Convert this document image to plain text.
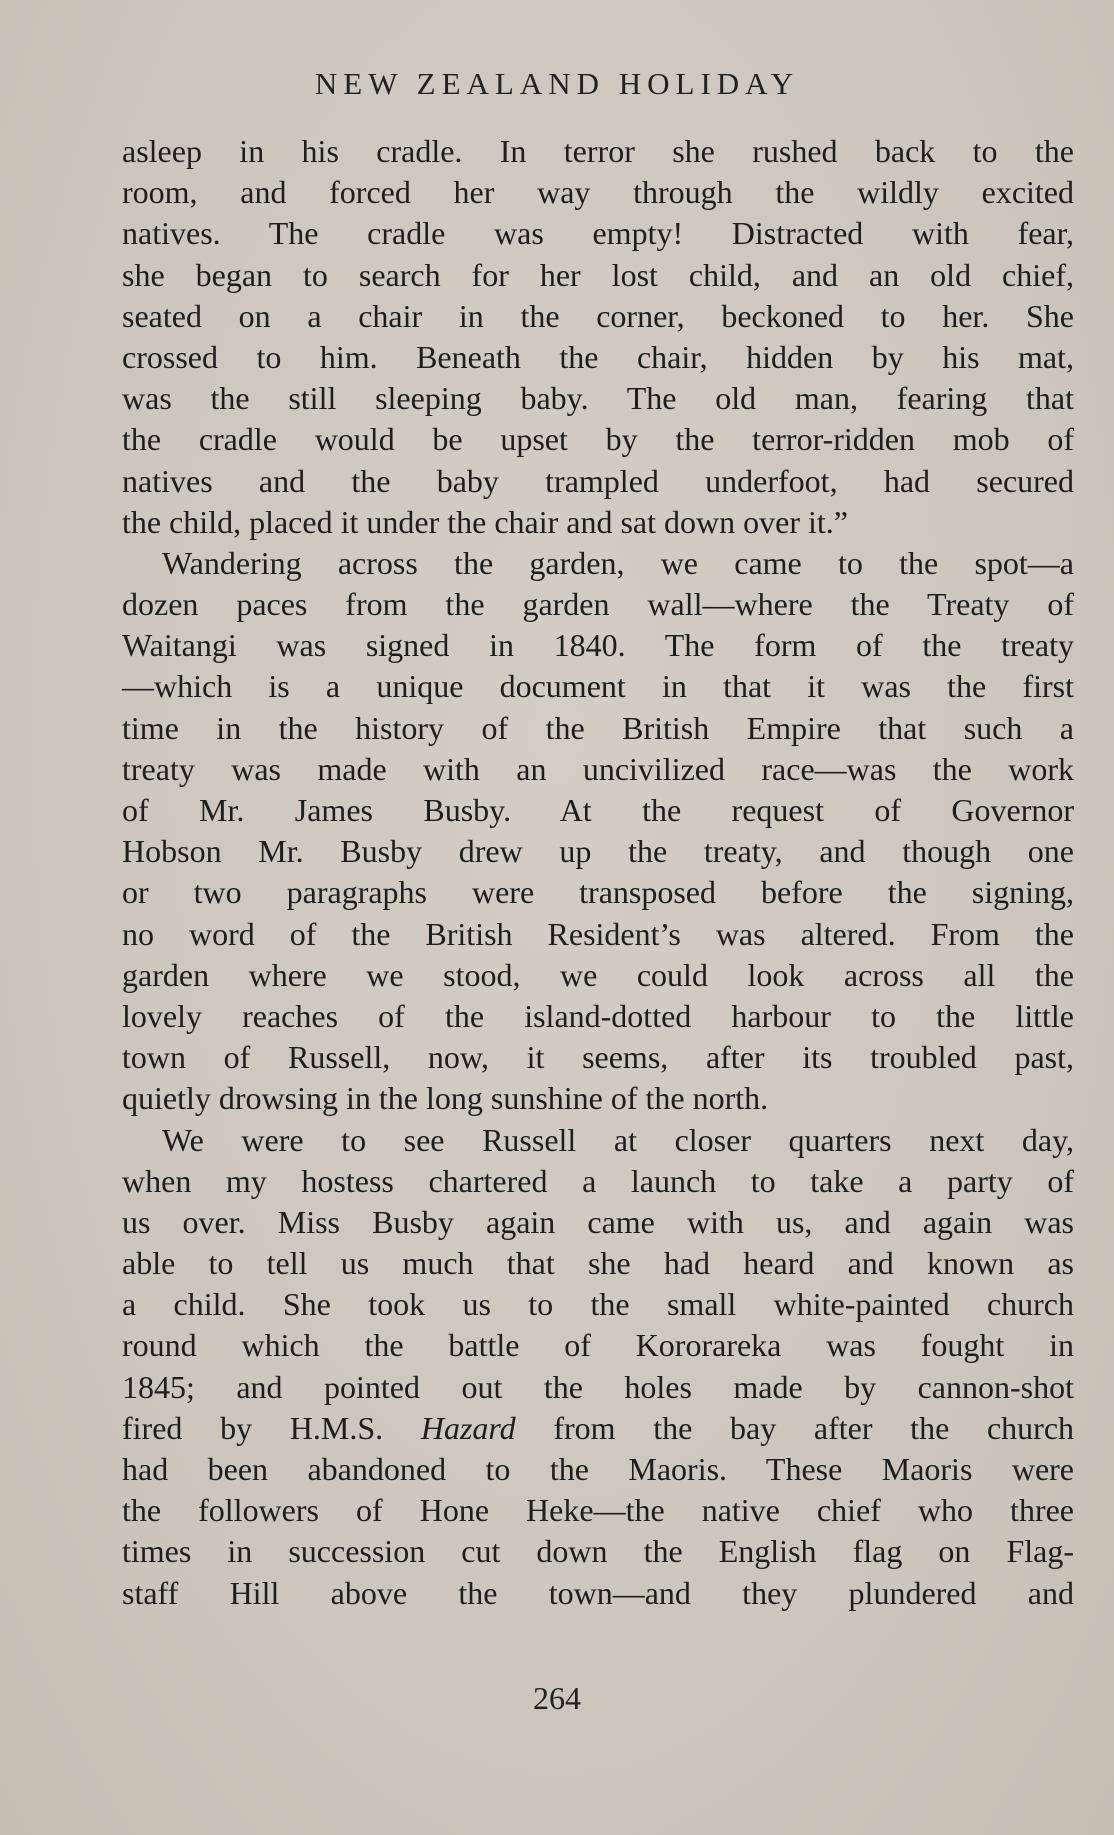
NEW ZEALAND HOLIDAY
asleep in his cradle. In terror she rushed back to the
room, and forced her way through the wildly excited
natives. The cradle was empty! Distracted with fear,
she began to search for her lost child, and an old chief,
seated on a chair in the corner, beckoned to her. She
crossed to him. Beneath the chair, hidden by his mat,
was the still sleeping baby. The old man, fearing that
the cradle would be upset by the terror-ridden mob of
natives and the baby trampled underfoot, had secured
the child, placed it under the chair and sat down over it.”
Wandering across the garden, we came to the spot—a
dozen paces from the garden wall—where the Treaty of
Waitangi was signed in 1840. The form of the treaty
—which is a unique document in that it was the first
time in the history of the British Empire that such a
treaty was made with an uncivilized race—was the work
of Mr. James Busby. At the request of Governor
Hobson Mr. Busby drew up the treaty, and though one
or two paragraphs were transposed before the signing,
no word of the British Resident’s was altered. From the
garden where we stood, we could look across all the
lovely reaches of the island-dotted harbour to the little
town of Russell, now, it seems, after its troubled past,
quietly drowsing in the long sunshine of the north.
We were to see Russell at closer quarters next day,
when my hostess chartered a launch to take a party of
us over. Miss Busby again came with us, and again was
able to tell us much that she had heard and known as
a child. She took us to the small white-painted church
round which the battle of Kororareka was fought in
1845; and pointed out the holes made by cannon-shot
fired by H.M.S. Hazard from the bay after the church
had been abandoned to the Maoris. These Maoris were
the followers of Hone Heke—the native chief who three
times in succession cut down the English flag on Flag-
staff Hill above the town—and they plundered and
264
